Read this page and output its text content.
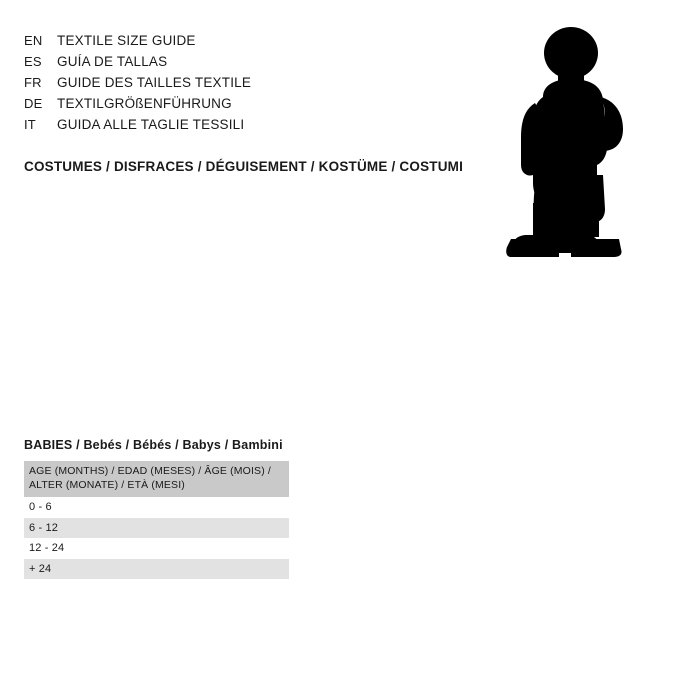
EN	TEXTILE SIZE GUIDE
ES	GUÍA DE TALLAS
FR	GUIDE DES TAILLES TEXTILE
DE	TEXTILGRÖßENFÜHRUNG
IT	GUIDA ALLE TAGLIE TESSILI
COSTUMES / DISFRACES / DÉGUISEMENT / KOSTÜME / COSTUMI
BABIES / Bebés / Bébés / Babys / Bambini
AGE (MONTHS) / EDAD (MESES) / ÂGE (MOIS) / ALTER (MONATE) / ETÀ (MESI)
0 - 6
6 - 12
12 - 24
+ 24
